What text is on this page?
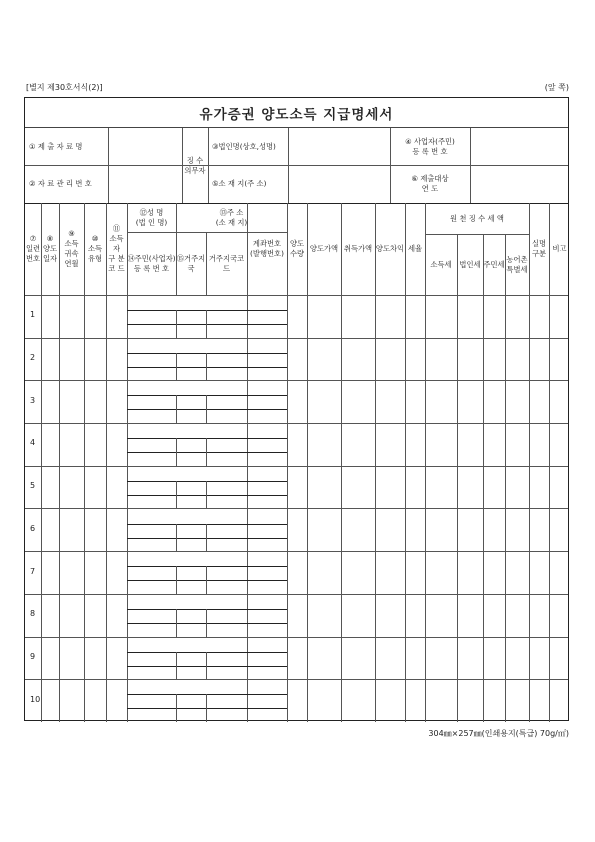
[별지 제30호서식(2)]	(앞 쪽)
유가증권 양도소득 지급명세서
① 제 출 자 료 명
② 자 료 관 리 번 호
징 수
의무자
③법인명(상호,성명)
⑤소 재 지(주 소)
④ 사업자(주민)
등 록 번 호
⑥ 제출대상
연 도
⑦
일련
번호
⑧
양도
일자
⑨
소득
귀속
연월
⑩
소득
유형
⑪
소득자
구 분
코 드
⑫성 명
(법 인 명)
⑬주 소
(소 재 지)
⑭주민(사업자)
등 록 번 호
⑮거주지
국
거주지국코드
계좌번호
(발행번호)
양도
수량
양도가액 취득가액 양도차익 세율
원 천 징 수 세 액
소득세	법인세 주민세
농어촌
특별세
실명
구분
비고
1
2
3
4
5
6
7
8
9
10
304㎜×257㎜(인쇄용지(특급) 70g/㎡)
